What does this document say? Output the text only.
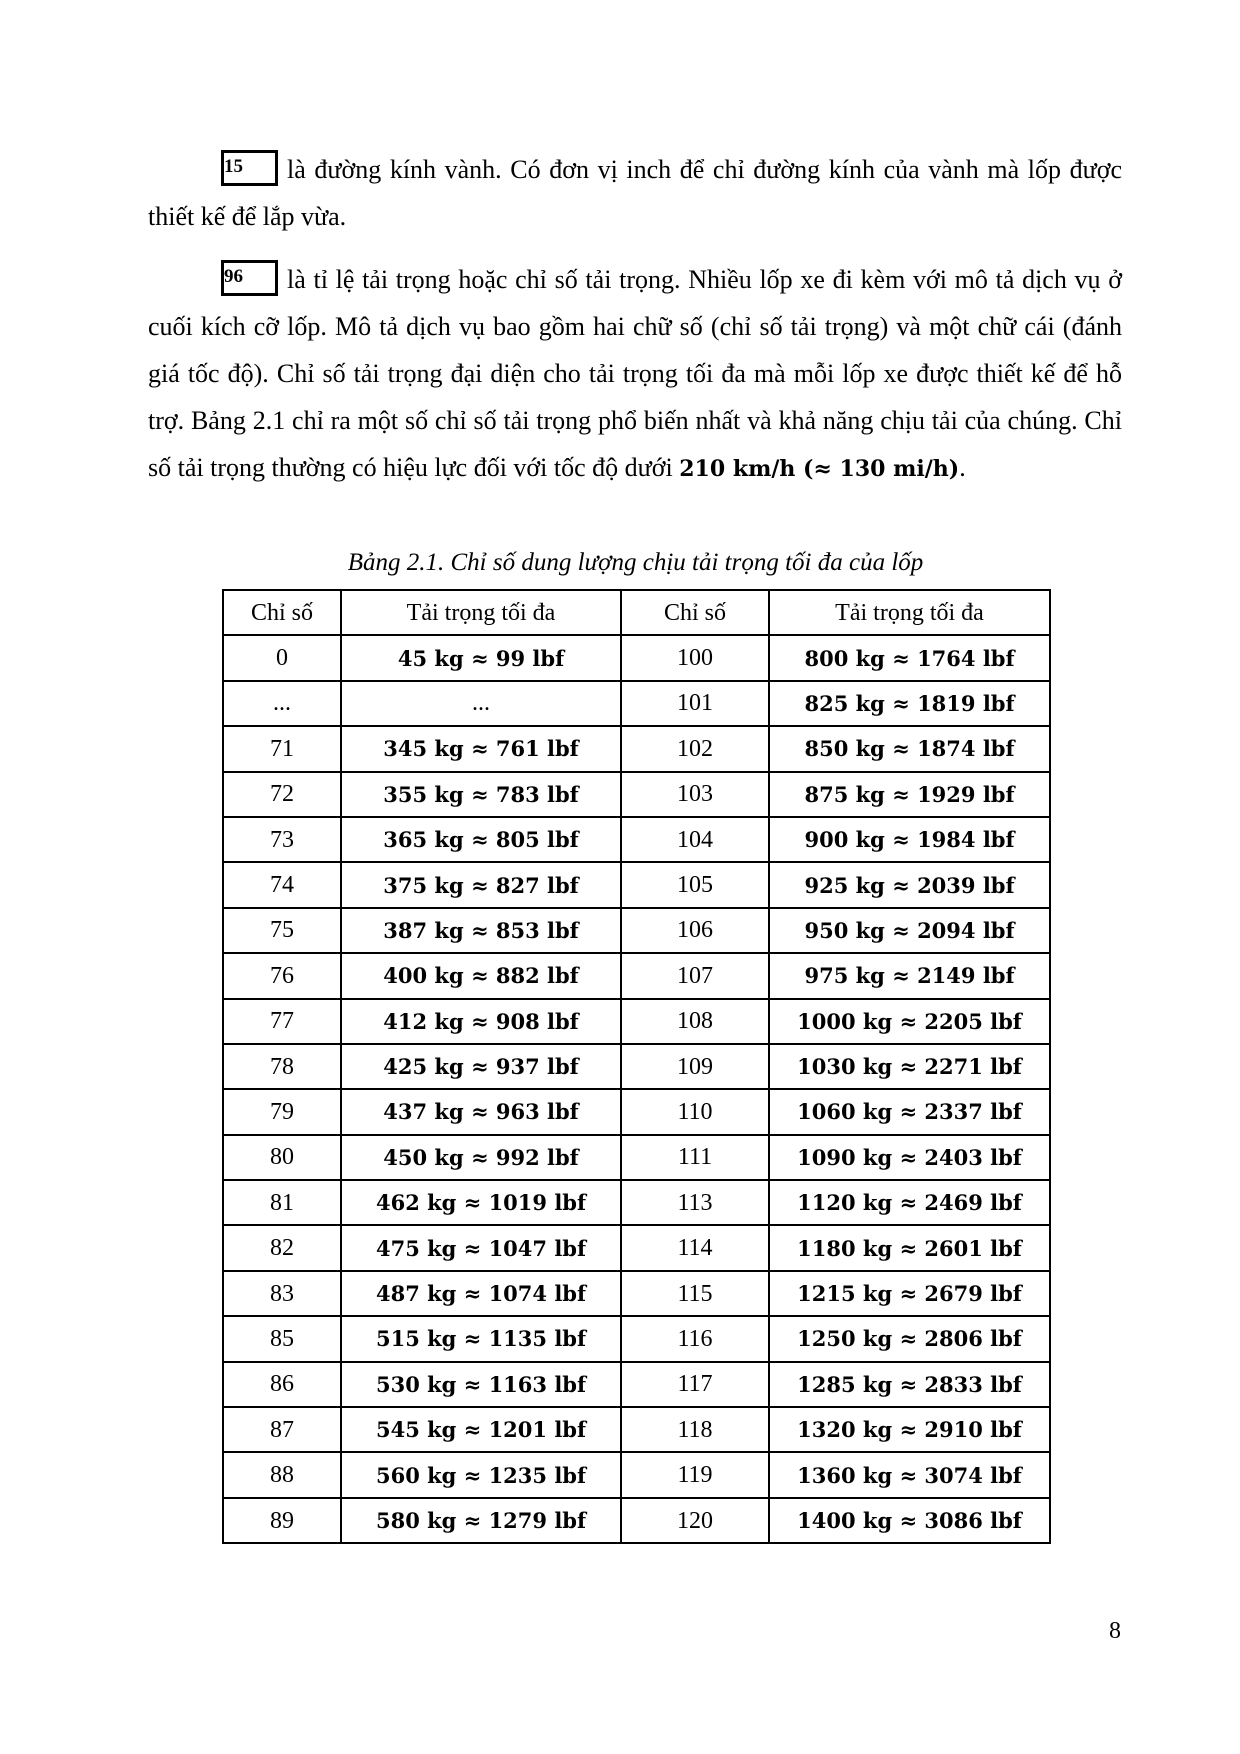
15 là đường kính vành. Có đơn vị inch để chỉ đường kính của vành mà lốp được thiết kế để lắp vừa.
96 là tỉ lệ tải trọng hoặc chỉ số tải trọng. Nhiều lốp xe đi kèm với mô tả dịch vụ ở cuối kích cỡ lốp. Mô tả dịch vụ bao gồm hai chữ số (chỉ số tải trọng) và một chữ cái (đánh giá tốc độ). Chỉ số tải trọng đại diện cho tải trọng tối đa mà mỗi lốp xe được thiết kế để hỗ trợ. Bảng 2.1 chỉ ra một số chỉ số tải trọng phổ biến nhất và khả năng chịu tải của chúng. Chỉ số tải trọng thường có hiệu lực đối với tốc độ dưới 210 km/h (≈ 130 mi/h).
Bảng 2.1. Chỉ số dung lượng chịu tải trọng tối đa của lốp
Chỉ số	Tải trọng tối đa	Chỉ số	Tải trọng tối đa
0	45 kg ≈ 99 lbf	100	800 kg ≈ 1764 lbf
...	...	101	825 kg ≈ 1819 lbf
71	345 kg ≈ 761 lbf	102	850 kg ≈ 1874 lbf
72	355 kg ≈ 783 lbf	103	875 kg ≈ 1929 lbf
73	365 kg ≈ 805 lbf	104	900 kg ≈ 1984 lbf
74	375 kg ≈ 827 lbf	105	925 kg ≈ 2039 lbf
75	387 kg ≈ 853 lbf	106	950 kg ≈ 2094 lbf
76	400 kg ≈ 882 lbf	107	975 kg ≈ 2149 lbf
77	412 kg ≈ 908 lbf	108	1000 kg ≈ 2205 lbf
78	425 kg ≈ 937 lbf	109	1030 kg ≈ 2271 lbf
79	437 kg ≈ 963 lbf	110	1060 kg ≈ 2337 lbf
80	450 kg ≈ 992 lbf	111	1090 kg ≈ 2403 lbf
81	462 kg ≈ 1019 lbf	113	1120 kg ≈ 2469 lbf
82	475 kg ≈ 1047 lbf	114	1180 kg ≈ 2601 lbf
83	487 kg ≈ 1074 lbf	115	1215 kg ≈ 2679 lbf
85	515 kg ≈ 1135 lbf	116	1250 kg ≈ 2806 lbf
86	530 kg ≈ 1163 lbf	117	1285 kg ≈ 2833 lbf
87	545 kg ≈ 1201 lbf	118	1320 kg ≈ 2910 lbf
88	560 kg ≈ 1235 lbf	119	1360 kg ≈ 3074 lbf
89	580 kg ≈ 1279 lbf	120	1400 kg ≈ 3086 lbf
8
